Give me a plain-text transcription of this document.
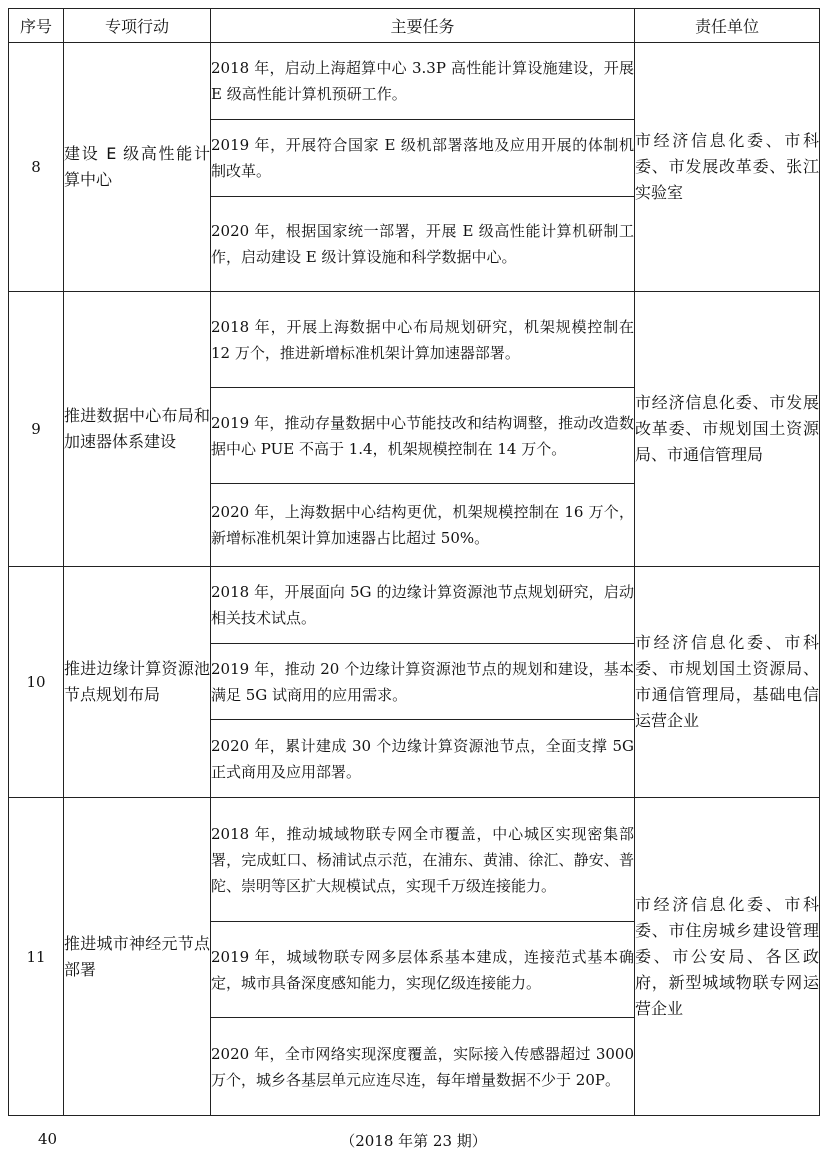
序号	专项行动	主要任务	责任单位
8	建设 E 级高性能计算中心	2018 年，启动上海超算中心 3.3P 高性能计算设施建设，开展 E 级高性能计算机预研工作。	市经济信息化委、市科委、市发展改革委、张江实验室
		2019 年，开展符合国家 E 级机部署落地及应用开展的体制机制改革。	
		2020 年，根据国家统一部署，开展 E 级高性能计算机研制工作，启动建设 E 级计算设施和科学数据中心。	
9	推进数据中心布局和加速器体系建设	2018 年，开展上海数据中心布局规划研究，机架规模控制在 12 万个，推进新增标准机架计算加速器部署。	市经济信息化委、市发展改革委、市规划国土资源局、市通信管理局
		2019 年，推动存量数据中心节能技改和结构调整，推动改造数据中心 PUE 不高于 1.4，机架规模控制在 14 万个。	
		2020 年，上海数据中心结构更优，机架规模控制在 16 万个，新增标准机架计算加速器占比超过 50%。	
10	推进边缘计算资源池节点规划布局	2018 年，开展面向 5G 的边缘计算资源池节点规划研究，启动相关技术试点。	市经济信息化委、市科委、市规划国土资源局、市通信管理局，基础电信运营企业
		2019 年，推动 20 个边缘计算资源池节点的规划和建设，基本满足 5G 试商用的应用需求。	
		2020 年，累计建成 30 个边缘计算资源池节点，全面支撑 5G 正式商用及应用部署。	
11	推进城市神经元节点部署	2018 年，推动城域物联专网全市覆盖，中心城区实现密集部署，完成虹口、杨浦试点示范，在浦东、黄浦、徐汇、静安、普陀、崇明等区扩大规模试点，实现千万级连接能力。	市经济信息化委、市科委、市住房城乡建设管理委、市公安局、各区政府，新型城域物联专网运营企业
		2019 年，城域物联专网多层体系基本建成，连接范式基本确定，城市具备深度感知能力，实现亿级连接能力。	
		2020 年，全市网络实现深度覆盖，实际接入传感器超过 3000 万个，城乡各基层单元应连尽连，每年增量数据不少于 20P。	
（2018 年第 23 期）
40
